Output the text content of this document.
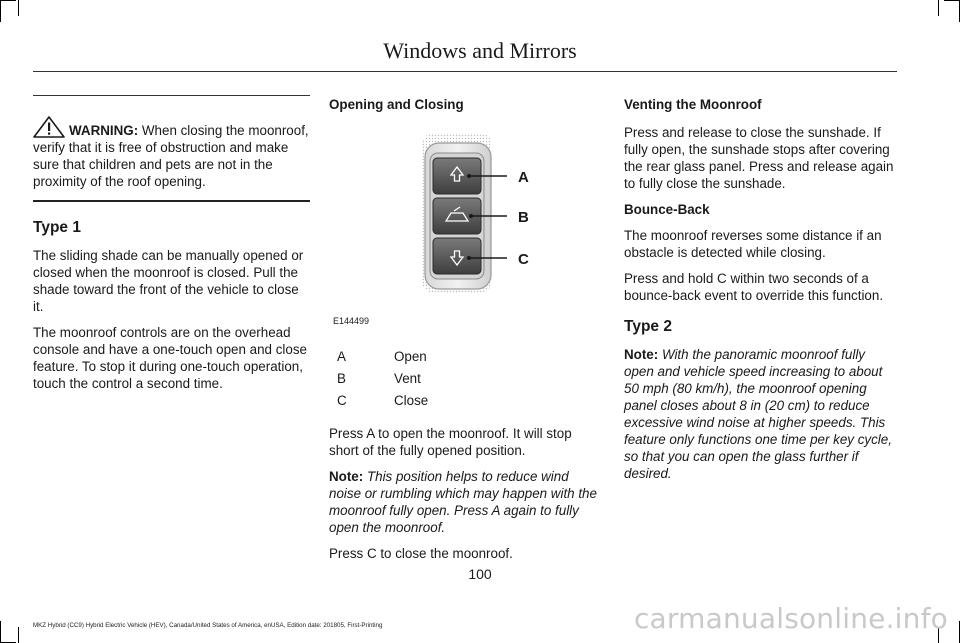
Windows and Mirrors

WARNING: When closing the moonroof, verify that it is free of obstruction and make sure that children and pets are not in the proximity of the roof opening.

Type 1

The sliding shade can be manually opened or closed when the moonroof is closed. Pull the shade toward the front of the vehicle to close it.

The moonroof controls are on the overhead console and have a one-touch open and close feature. To stop it during one-touch operation, touch the control a second time.

Opening and Closing
A
B
C
E144499
A	Open
B	Vent
C	Close

Press A to open the moonroof. It will stop short of the fully opened position.

Note: This position helps to reduce wind noise or rumbling which may happen with the moonroof fully open. Press A again to fully open the moonroof.

Press C to close the moonroof.

Venting the Moonroof

Press and release to close the sunshade. If fully open, the sunshade stops after covering the rear glass panel. Press and release again to fully close the sunshade.

Bounce-Back

The moonroof reverses some distance if an obstacle is detected while closing.

Press and hold C within two seconds of a bounce-back event to override this function.

Type 2

Note: With the panoramic moonroof fully open and vehicle speed increasing to about 50 mph (80 km/h), the moonroof opening panel closes about 8 in (20 cm) to reduce excessive wind noise at higher speeds. This feature only functions one time per key cycle, so that you can open the glass further if desired.

100
MKZ Hybrid (CC9) Hybrid Electric Vehicle (HEV), Canada/United States of America, enUSA, Edition date: 201805, First-Printing	carmanualsonline.info
